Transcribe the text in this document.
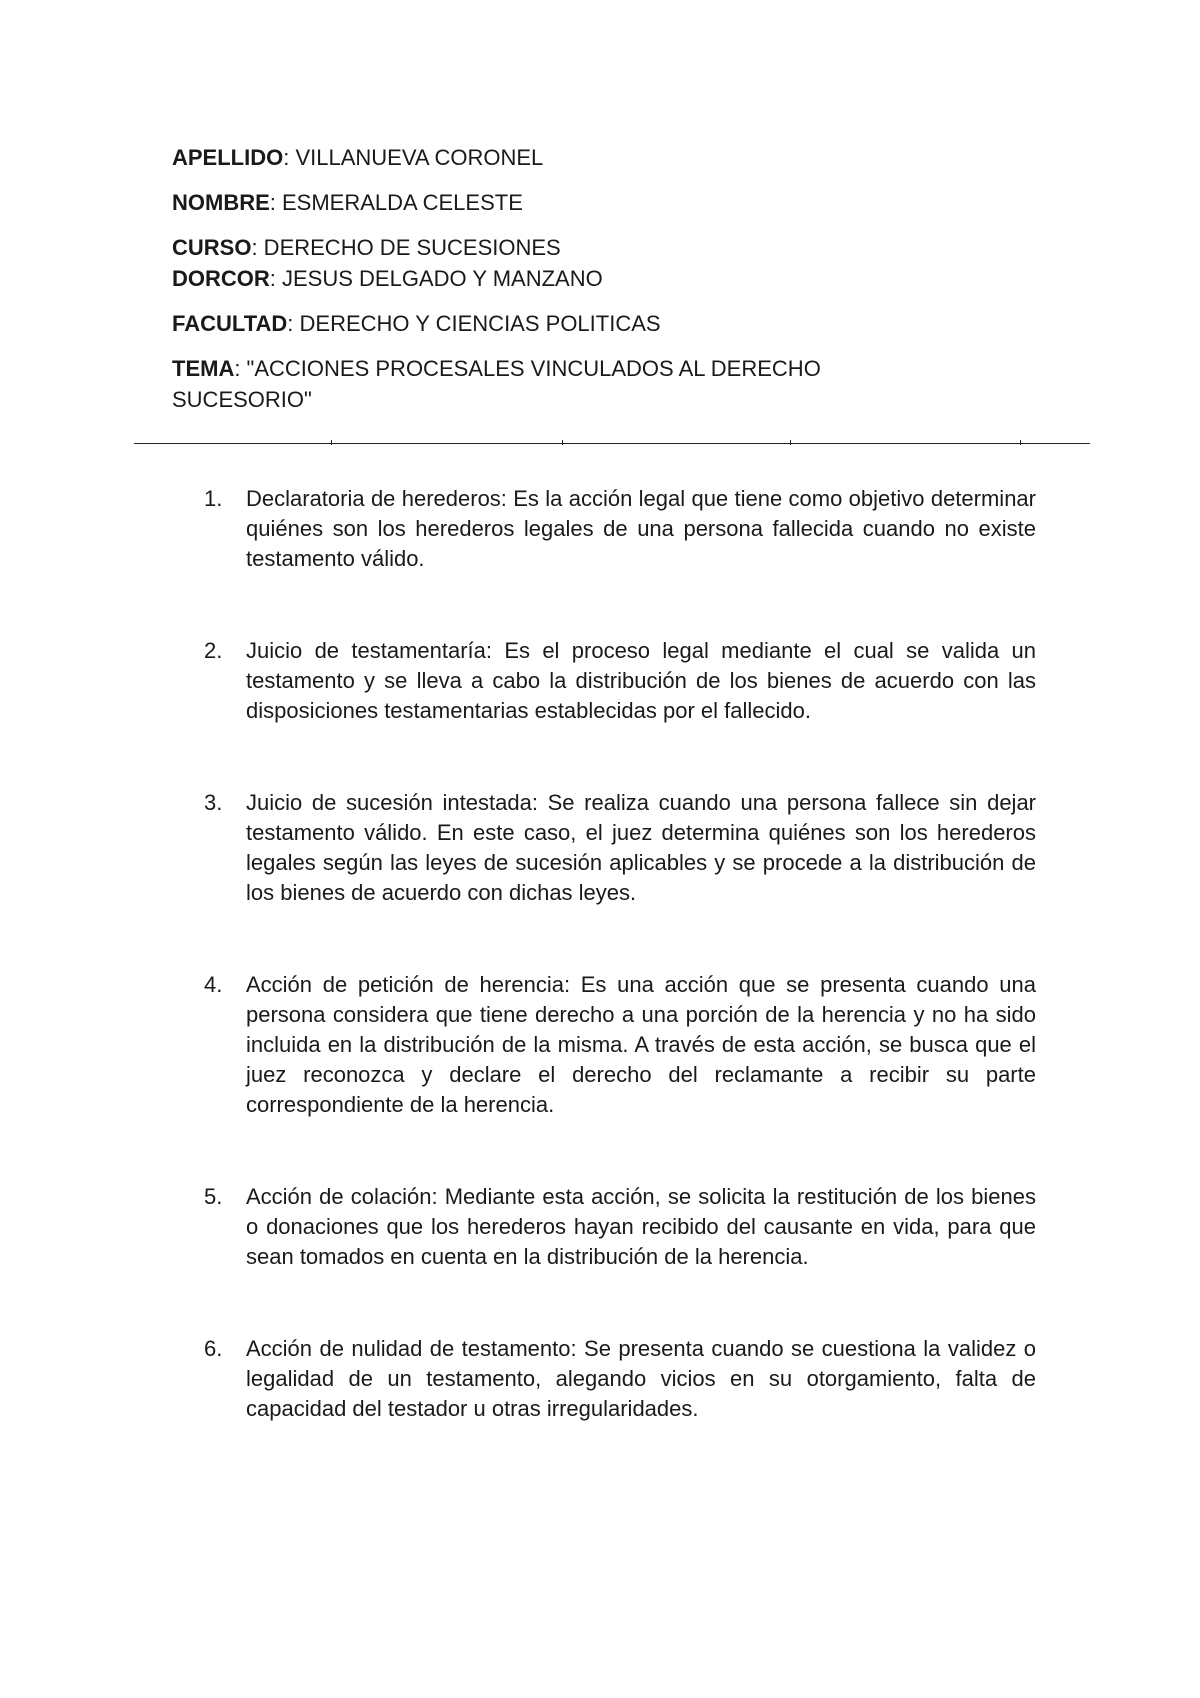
APELLIDO: VILLANUEVA CORONEL
NOMBRE: ESMERALDA CELESTE
CURSO: DERECHO DE SUCESIONES
DORCOR: JESUS DELGADO Y MANZANO
FACULTAD: DERECHO Y CIENCIAS POLITICAS
TEMA: "ACCIONES PROCESALES VINCULADOS AL DERECHO
SUCESORIO"
1. Declaratoria de herederos: Es la acción legal que tiene como objetivo determinar quiénes son los herederos legales de una persona fallecida cuando no existe testamento válido.
2. Juicio de testamentaría: Es el proceso legal mediante el cual se valida un testamento y se lleva a cabo la distribución de los bienes de acuerdo con las disposiciones testamentarias establecidas por el fallecido.
3. Juicio de sucesión intestada: Se realiza cuando una persona fallece sin dejar testamento válido. En este caso, el juez determina quiénes son los herederos legales según las leyes de sucesión aplicables y se procede a la distribución de los bienes de acuerdo con dichas leyes.
4. Acción de petición de herencia: Es una acción que se presenta cuando una persona considera que tiene derecho a una porción de la herencia y no ha sido incluida en la distribución de la misma. A través de esta acción, se busca que el juez reconozca y declare el derecho del reclamante a recibir su parte correspondiente de la herencia.
5. Acción de colación: Mediante esta acción, se solicita la restitución de los bienes o donaciones que los herederos hayan recibido del causante en vida, para que sean tomados en cuenta en la distribución de la herencia.
6. Acción de nulidad de testamento: Se presenta cuando se cuestiona la validez o legalidad de un testamento, alegando vicios en su otorgamiento, falta de capacidad del testador u otras irregularidades.
